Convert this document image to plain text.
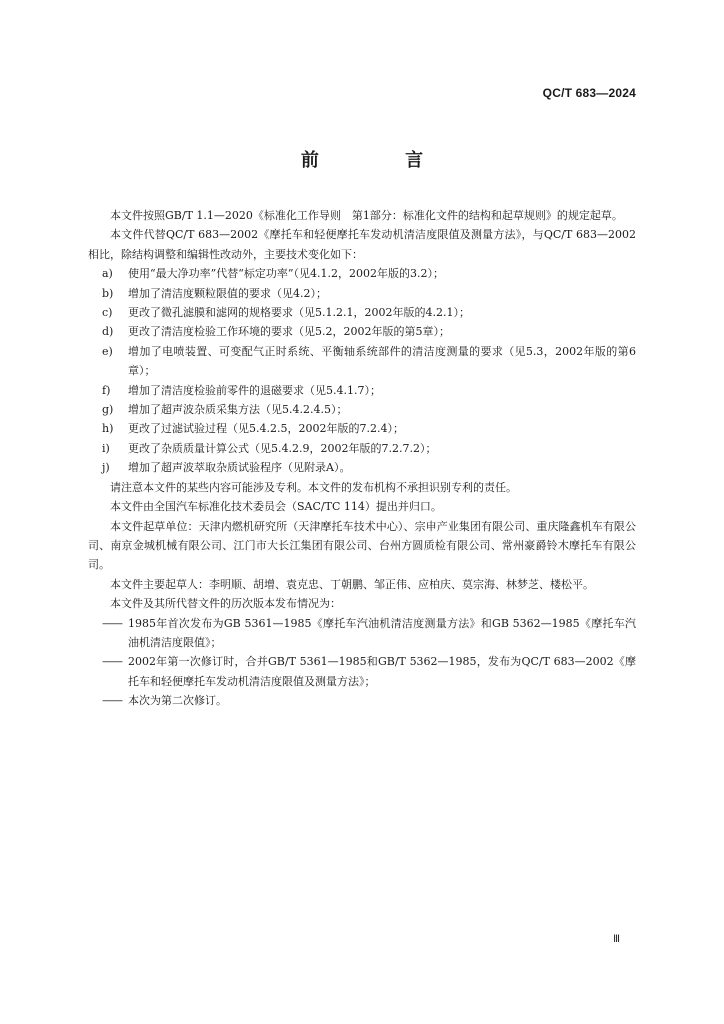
QC/T 683—2024
前 言

本文件按照GB/T 1.1—2020《标准化工作导则　第1部分：标准化文件的结构和起草规则》的规定起草。

本文件代替QC/T 683—2002《摩托车和轻便摩托车发动机清洁度限值及测量方法》，与QC/T 683—2002相比，除结构调整和编辑性改动外，主要技术变化如下：

a)	使用“最大净功率”代替“标定功率”（见4.1.2，2002年版的3.2）；
b)	增加了清洁度颗粒限值的要求（见4.2）；
c)	更改了微孔滤膜和滤网的规格要求（见5.1.2.1，2002年版的4.2.1）；
d)	更改了清洁度检验工作环境的要求（见5.2，2002年版的第5章）；
e)	增加了电喷装置、可变配气正时系统、平衡轴系统部件的清洁度测量的要求（见5.3，2002年版的第6章）；
f)	增加了清洁度检验前零件的退磁要求（见5.4.1.7）；
g)	增加了超声波杂质采集方法（见5.4.2.4.5）；
h)	更改了过滤试验过程（见5.4.2.5，2002年版的7.2.4）；
i)	更改了杂质质量计算公式（见5.4.2.9，2002年版的7.2.7.2）；
j)	增加了超声波萃取杂质试验程序（见附录A）。

请注意本文件的某些内容可能涉及专利。本文件的发布机构不承担识别专利的责任。

本文件由全国汽车标准化技术委员会（SAC/TC 114）提出并归口。

本文件起草单位：天津内燃机研究所（天津摩托车技术中心）、宗申产业集团有限公司、重庆隆鑫机车有限公司、南京金城机械有限公司、江门市大长江集团有限公司、台州方圆质检有限公司、常州豪爵铃木摩托车有限公司。

本文件主要起草人：李明顺、胡增、袁克忠、丁朝鹏、邹正伟、应柏庆、莫宗海、林梦芝、楼松平。

本文件及其所代替文件的历次版本发布情况为：

—— 1985年首次发布为GB 5361—1985《摩托车汽油机清洁度测量方法》和GB 5362—1985《摩托车汽油机清洁度限值》；
—— 2002年第一次修订时，合并GB/T 5361—1985和GB/T 5362—1985，发布为QC/T 683—2002《摩托车和轻便摩托车发动机清洁度限值及测量方法》；
—— 本次为第二次修订。
Ⅲ
